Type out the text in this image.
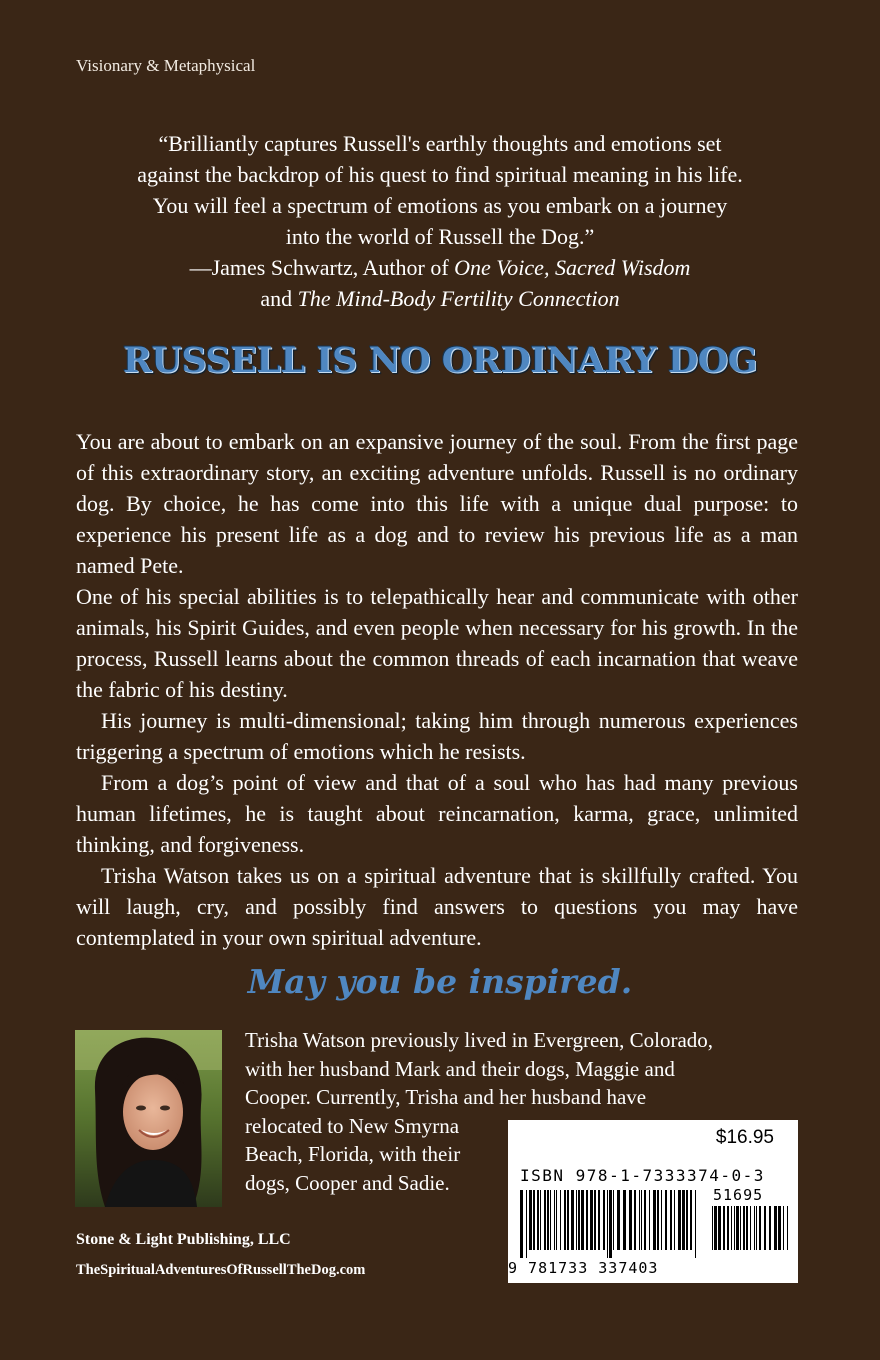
Visionary & Metaphysical
“Brilliantly captures Russell's earthly thoughts and emotions set
against the backdrop of his quest to find spiritual meaning in his life.
You will feel a spectrum of emotions as you embark on a journey
into the world of Russell the Dog.”
—James Schwartz, Author of One Voice, Sacred Wisdom
and The Mind-Body Fertility Connection
RUSSELL IS NO ORDINARY DOG

You are about to embark on an expansive journey of the soul. From the first page of this extraordinary story, an exciting adventure unfolds. Russell is no ordinary dog. By choice, he has come into this life with a unique dual purpose: to experience his present life as a dog and to review his previous life as a man named Pete.

One of his special abilities is to telepathically hear and communicate with other animals, his Spirit Guides, and even people when necessary for his growth. In the process, Russell learns about the common threads of each incarnation that weave the fabric of his destiny.

His journey is multi-dimensional; taking him through numerous experiences triggering a spectrum of emotions which he resists.

From a dog’s point of view and that of a soul who has had many previous human lifetimes, he is taught about reincarnation, karma, grace, unlimited thinking, and forgiveness.

Trisha Watson takes us on a spiritual adventure that is skillfully crafted. You will laugh, cry, and possibly find answers to questions you may have contemplated in your own spiritual adventure.

May you be inspired.
Trisha Watson previously lived in Evergreen, Colorado,
with her husband Mark and their dogs, Maggie and
Cooper. Currently, Trisha and her husband have
relocated to New Smyrna
Beach, Florida, with their
dogs, Cooper and Sadie.
Stone & Light Publishing, LLC
TheSpiritualAdventuresOfRussellTheDog.com
$16.95
ISBN 978-1-7333374-0-3
51695
9 781733 337403
